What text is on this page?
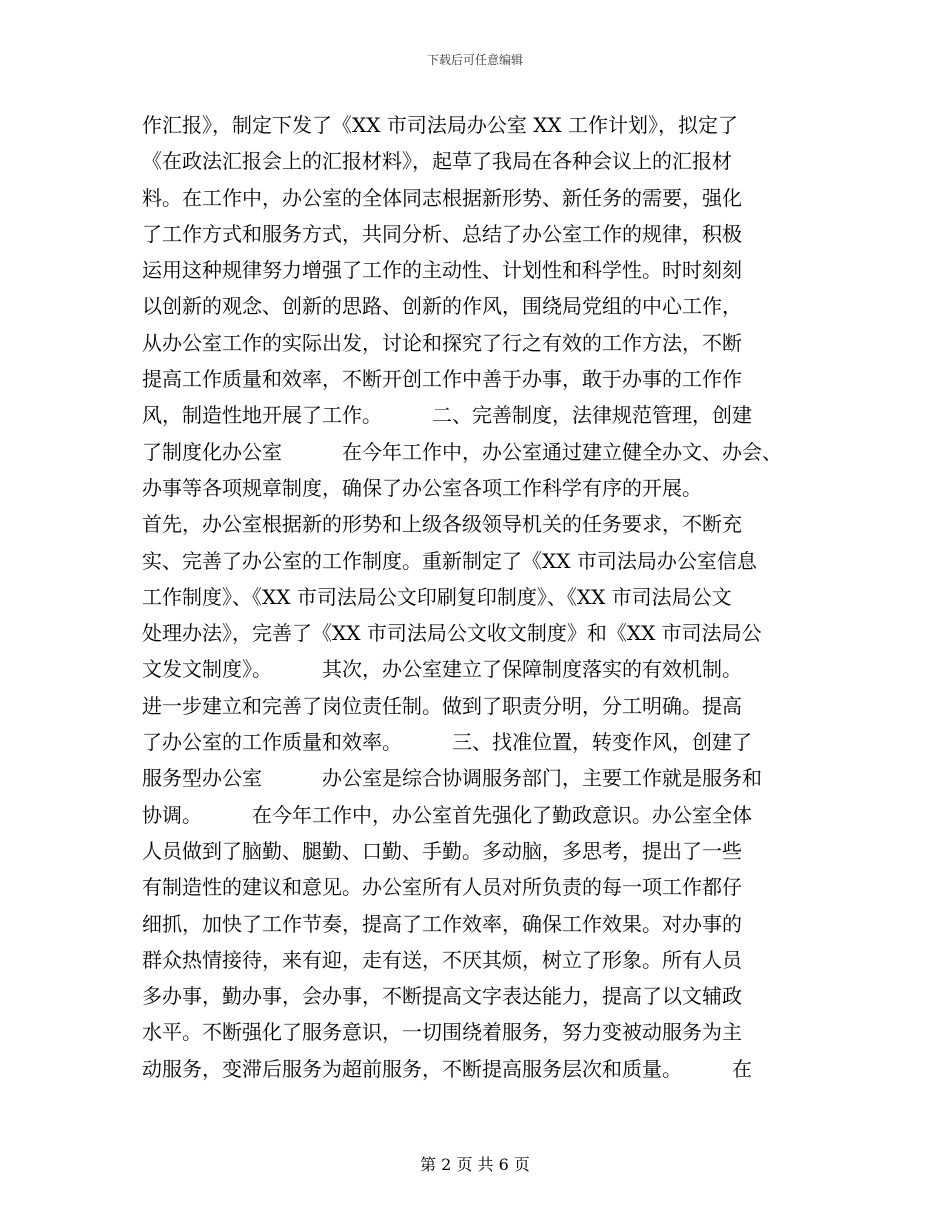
下载后可任意编辑
作汇报》，制定下发了《XX 市司法局办公室 XX 工作计划》，拟定了
《在政法汇报会上的汇报材料》，起草了我局在各种会议上的汇报材
料。在工作中，办公室的全体同志根据新形势、新任务的需要，强化
了工作方式和服务方式，共同分析、总结了办公室工作的规律，积极
运用这种规律努力增强了工作的主动性、计划性和科学性。时时刻刻
以创新的观念、创新的思路、创新的作风，围绕局党组的中心工作，
从办公室工作的实际出发，讨论和探究了行之有效的工作方法，不断
提高工作质量和效率，不断开创工作中善于办事，敢于办事的工作作
风，制造性地开展了工作。　　　二、完善制度，法律规范管理，创建
了制度化办公室　　　在今年工作中，办公室通过建立健全办文、办会、
办事等各项规章制度，确保了办公室各项工作科学有序的开展。
首先，办公室根据新的形势和上级各级领导机关的任务要求，不断充
实、完善了办公室的工作制度。重新制定了《XX 市司法局办公室信息
工作制度》、《XX 市司法局公文印刷复印制度》、《XX 市司法局公文
处理办法》，完善了《XX 市司法局公文收文制度》和《XX 市司法局公
文发文制度》。　　　其次，办公室建立了保障制度落实的有效机制。
进一步建立和完善了岗位责任制。做到了职责分明，分工明确。提高
了办公室的工作质量和效率。　　　三、找准位置，转变作风，创建了
服务型办公室　　　办公室是综合协调服务部门，主要工作就是服务和
协调。　　　在今年工作中，办公室首先强化了勤政意识。办公室全体
人员做到了脑勤、腿勤、口勤、手勤。多动脑，多思考，提出了一些
有制造性的建议和意见。办公室所有人员对所负责的每一项工作都仔
细抓，加快了工作节奏，提高了工作效率，确保工作效果。对办事的
群众热情接待，来有迎，走有送，不厌其烦，树立了形象。所有人员
多办事，勤办事，会办事，不断提高文字表达能力，提高了以文辅政
水平。不断强化了服务意识，一切围绕着服务，努力变被动服务为主
动服务，变滞后服务为超前服务，不断提高服务层次和质量。　　　在
第 2 页 共 6 页
